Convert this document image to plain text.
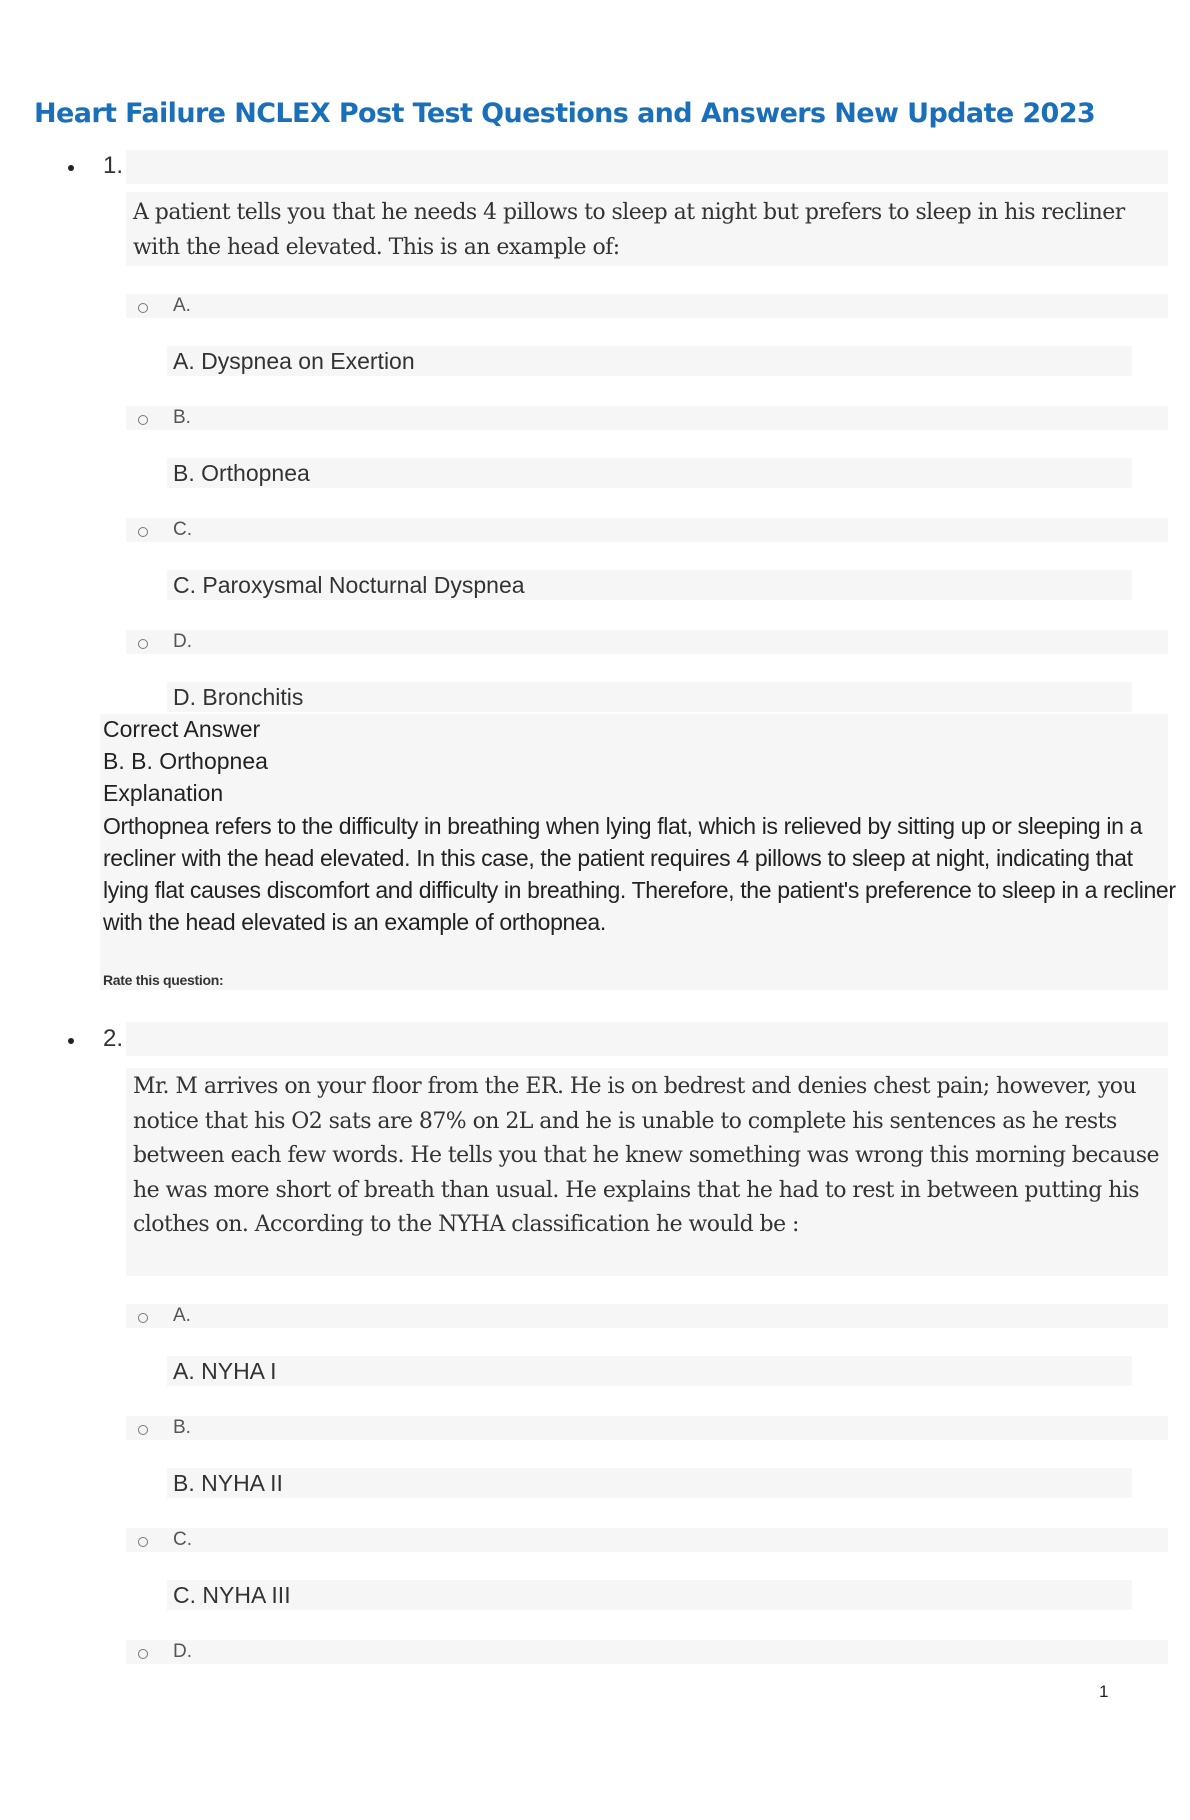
Heart Failure NCLEX Post Test Questions and Answers New Update 2023
1.

A patient tells you that he needs 4 pillows to sleep at night but prefers to sleep in his recliner with the head elevated. This is an example of:

A.
A. Dyspnea on Exertion
B.
B. Orthopnea
C.
C. Paroxysmal Nocturnal Dyspnea
D.
D. Bronchitis
Correct Answer
B. B. Orthopnea
Explanation

Orthopnea refers to the difficulty in breathing when lying flat, which is relieved by sitting up or sleeping in a recliner with the head elevated. In this case, the patient requires 4 pillows to sleep at night, indicating that lying flat causes discomfort and difficulty in breathing. Therefore, the patient's preference to sleep in a recliner with the head elevated is an example of orthopnea.

Rate this question:
2.

Mr. M arrives on your floor from the ER. He is on bedrest and denies chest pain; however, you notice that his O2 sats are 87% on 2L and he is unable to complete his sentences as he rests between each few words. He tells you that he knew something was wrong this morning because he was more short of breath than usual. He explains that he had to rest in between putting his clothes on. According to the NYHA classification he would be :

A.
A. NYHA I
B.
B. NYHA II
C.
C. NYHA III
D.
1
